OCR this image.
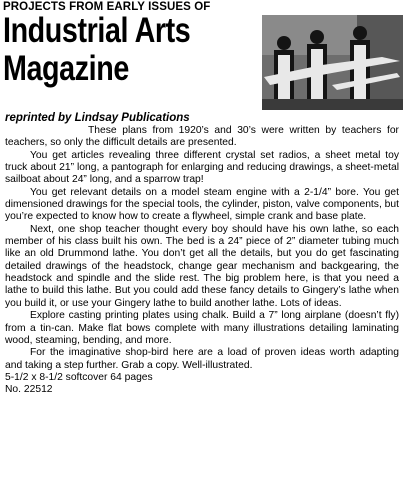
PROJECTS FROM EARLY ISSUES OF
Industrial Arts
Magazine
reprinted by Lindsay Publications

These plans from 1920’s and 30’s were written by teachers for teachers, so only the difficult details are presented.

You get articles revealing three different crystal set radios, a sheet metal toy truck about 21” long, a pantograph for enlarging and reducing drawings, a sheet-metal sailboat about 24” long, and a sparrow trap!

You get relevant details on a model steam engine with a 2-1/4” bore. You get dimensioned drawings for the special tools, the cylinder, piston, valve components, but you’re expected to know how to create a flywheel, simple crank and base plate.

Next, one shop teacher thought every boy should have his own lathe, so each member of his class built his own. The bed is a 24” piece of 2” diameter tubing much like an old Drummond lathe. You don’t get all the details, but you do get fascinating detailed drawings of the headstock, change gear mechanism and backgearing, the headstock and spindle and the slide rest. The big problem here, is that you need a lathe to build this lathe. But you could add these fancy details to Gingery’s lathe when you build it, or use your Gingery lathe to build another lathe. Lots of ideas.

Explore casting printing plates using chalk. Build a 7” long airplane (doesn’t fly) from a tin-can. Make flat bows complete with many illustrations detailing laminating wood, steaming, bending, and more.

For the imaginative shop-bird here are a load of proven ideas worth adapting and taking a step further. Grab a copy. Well-illustrated.

5-1/2 x 8-1/2 softcover 64 pages

No. 22512
